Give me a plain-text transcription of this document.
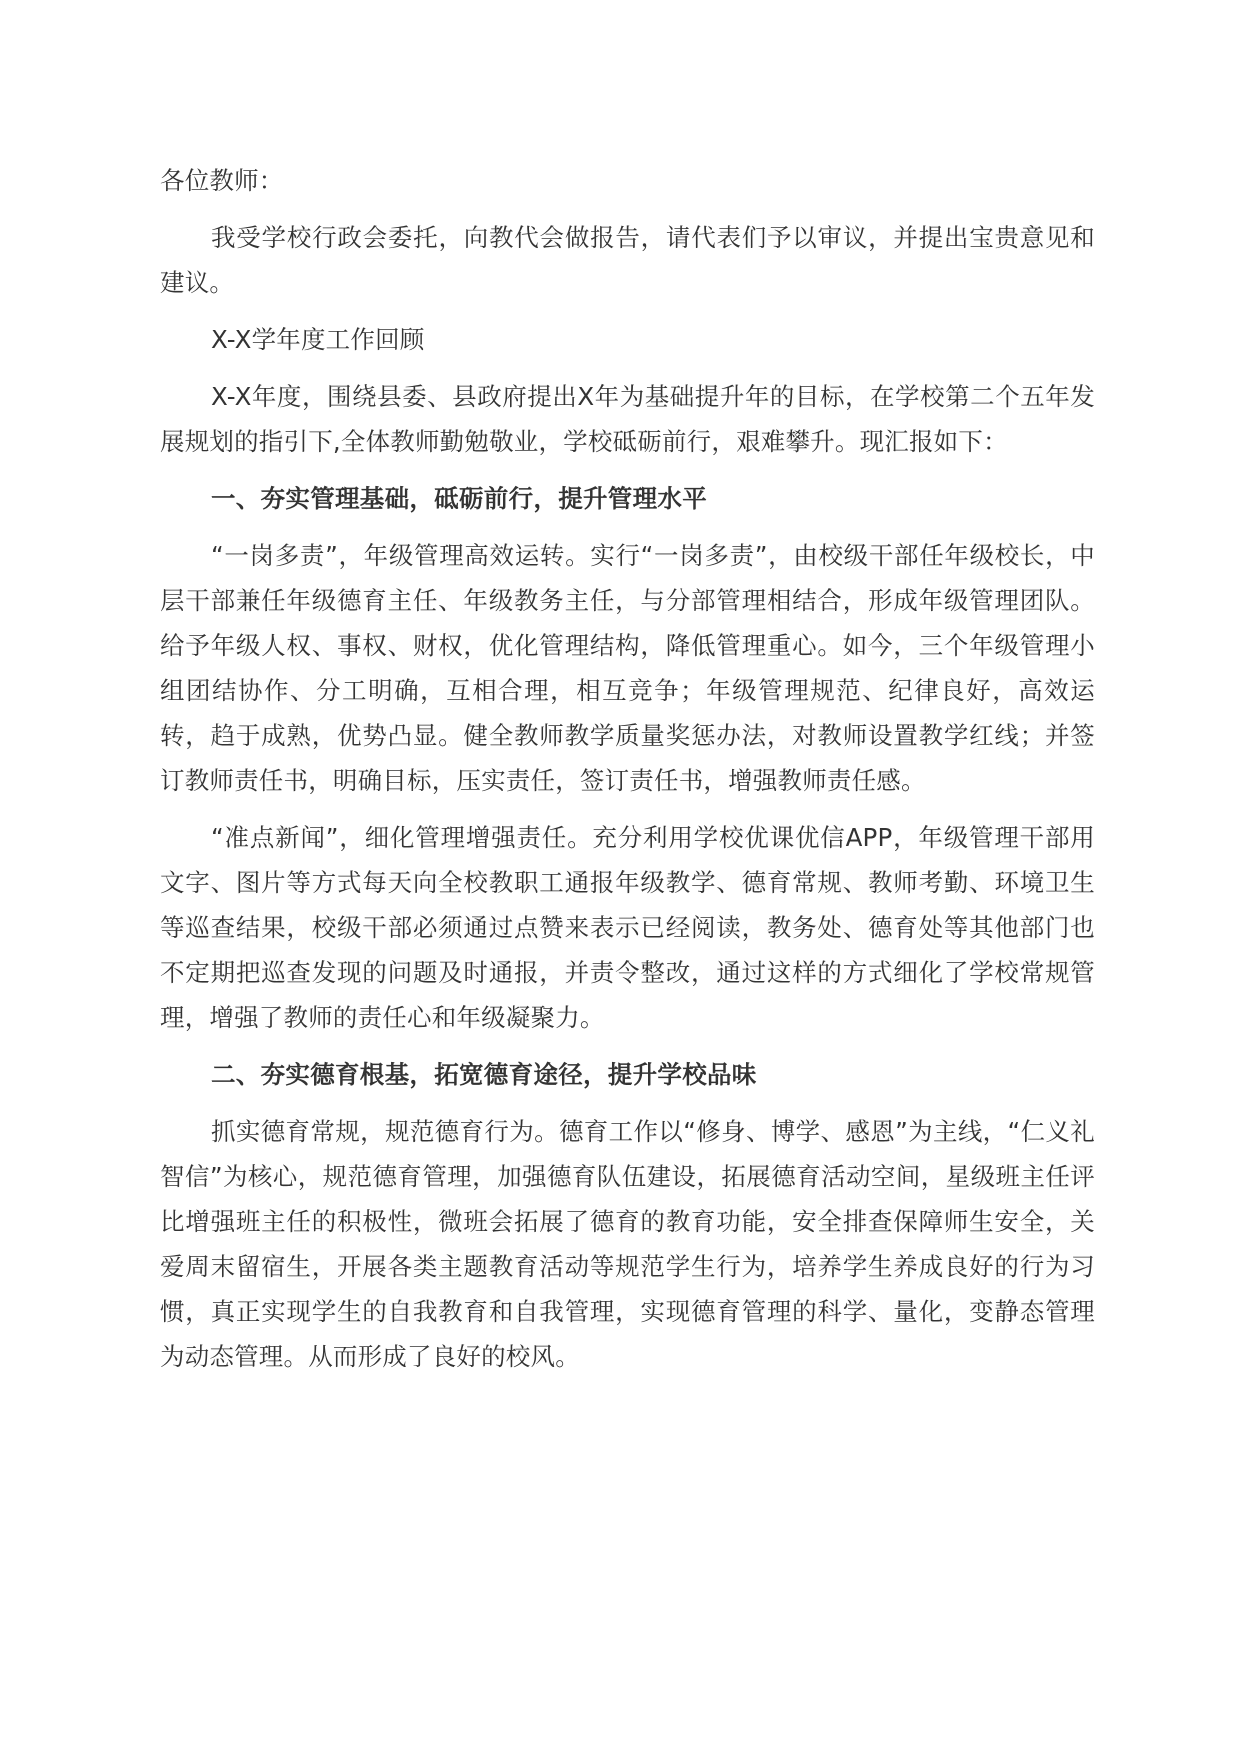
各位教师：

我受学校行政会委托，向教代会做报告，请代表们予以审议，并提出宝贵意见和建议。

X-X学年度工作回顾

X-X年度，围绕县委、县政府提出X年为基础提升年的目标，在学校第二个五年发展规划的指引下,全体教师勤勉敬业，学校砥砺前行，艰难攀升。现汇报如下：

一、夯实管理基础，砥砺前行，提升管理水平

“一岗多责”，年级管理高效运转。实行“一岗多责”，由校级干部任年级校长，中层干部兼任年级德育主任、年级教务主任，与分部管理相结合，形成年级管理团队。给予年级人权、事权、财权，优化管理结构，降低管理重心。如今，三个年级管理小组团结协作、分工明确，互相合理，相互竞争；年级管理规范、纪律良好，高效运转，趋于成熟，优势凸显。健全教师教学质量奖惩办法，对教师设置教学红线；并签订教师责任书，明确目标，压实责任，签订责任书，增强教师责任感。

“准点新闻”，细化管理增强责任。充分利用学校优课优信APP，年级管理干部用文字、图片等方式每天向全校教职工通报年级教学、德育常规、教师考勤、环境卫生等巡查结果，校级干部必须通过点赞来表示已经阅读，教务处、德育处等其他部门也不定期把巡查发现的问题及时通报，并责令整改，通过这样的方式细化了学校常规管理，增强了教师的责任心和年级凝聚力。

二、夯实德育根基，拓宽德育途径，提升学校品味

抓实德育常规，规范德育行为。德育工作以“修身、博学、感恩”为主线，“仁义礼智信”为核心，规范德育管理，加强德育队伍建设，拓展德育活动空间，星级班主任评比增强班主任的积极性，微班会拓展了德育的教育功能，安全排查保障师生安全，关爱周末留宿生，开展各类主题教育活动等规范学生行为，培养学生养成良好的行为习惯，真正实现学生的自我教育和自我管理，实现德育管理的科学、量化，变静态管理为动态管理。从而形成了良好的校风。
